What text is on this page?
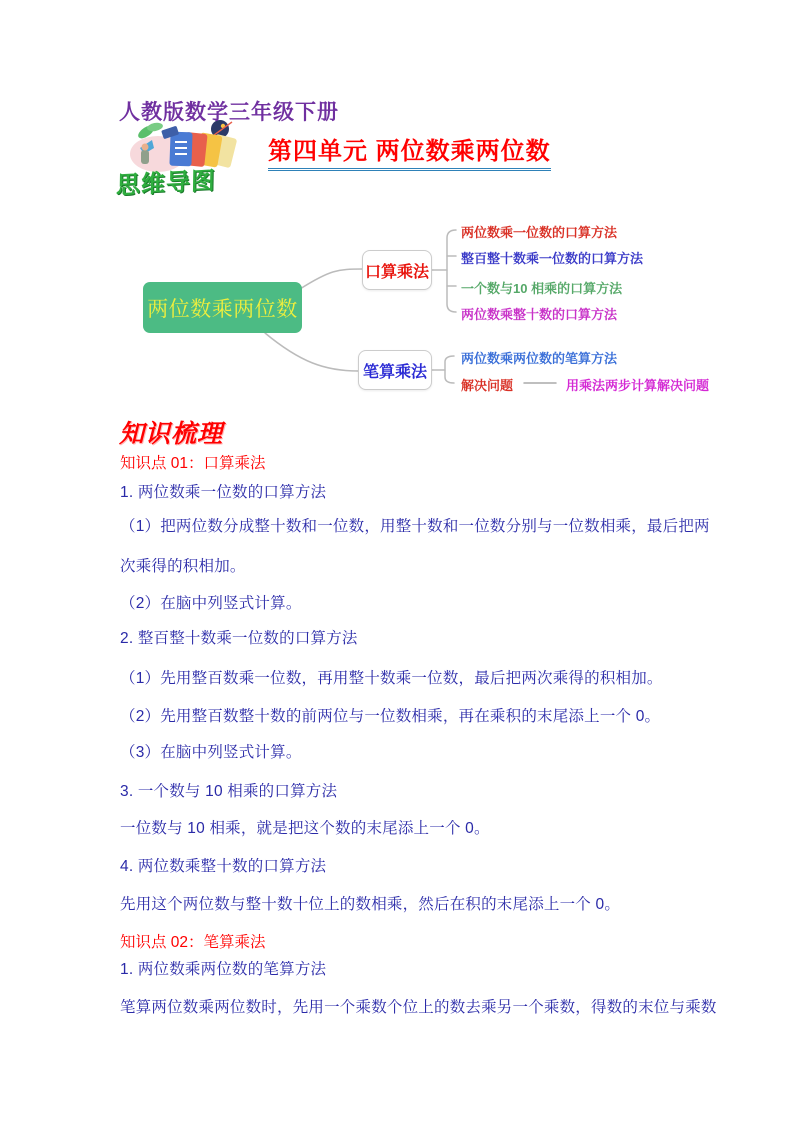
人教版数学三年级下册
思维导图
第四单元 两位数乘两位数
两位数乘两位数
口算乘法
笔算乘法
两位数乘一位数的口算方法
整百整十数乘一位数的口算方法
一个数与10 相乘的口算方法
两位数乘整十数的口算方法
两位数乘两位数的笔算方法
解决问题	用乘法两步计算解决问题
知识梳理
知识点 01：口算乘法
1. 两位数乘一位数的口算方法
（1）把两位数分成整十数和一位数，用整十数和一位数分别与一位数相乘，最后把两
次乘得的积相加。
（2）在脑中列竖式计算。
2. 整百整十数乘一位数的口算方法
（1）先用整百数乘一位数，再用整十数乘一位数，最后把两次乘得的积相加。
（2）先用整百数整十数的前两位与一位数相乘，再在乘积的末尾添上一个 0。
（3）在脑中列竖式计算。
3. 一个数与 10 相乘的口算方法
一位数与 10 相乘，就是把这个数的末尾添上一个 0。
4. 两位数乘整十数的口算方法
先用这个两位数与整十数十位上的数相乘，然后在积的末尾添上一个 0。
知识点 02：笔算乘法
1. 两位数乘两位数的笔算方法
笔算两位数乘两位数时，先用一个乘数个位上的数去乘另一个乘数，得数的末位与乘数
